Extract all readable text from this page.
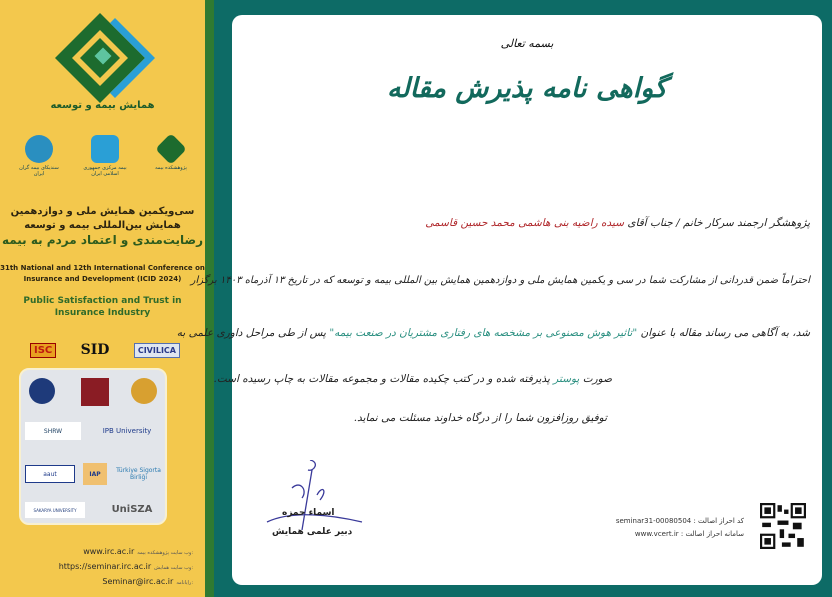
همایش بیمه و توسعه
سندیکای بیمه گران ایران
بیمه مرکزی جمهوری اسلامی ایران
پژوهشکده بیمه
سی‌ویکمین همایش ملی و دوازدهمین
همایش بین‌المللی بیمه و توسعه
رضایت‌مندی و اعتماد مردم به بیمه
31th National and 12th International Conference on Insurance and Development (ICID 2024)
Public Satisfaction and Trust in Insurance Industry
ISC SID	CIVILICA
SHRW	IPB University
aaut	IAP	Türkiye Sigorta Birliği
SAKARYA UNIVERSITY	UniSZA
www.irc.ac.ir وب سایت پژوهشکده بیمه:
https://seminar.irc.ac.ir وب سایت همایش:
Seminar@irc.ac.ir رایانامه:
بسمه تعالی
گواهی نامه پذیرش مقاله
پژوهشگر ارجمند سرکار خانم / جناب آقای سیده راضیه بنی هاشمی محمد حسین قاسمی
احتراماً ضمن قدردانی از مشارکت شما در سی و یکمین همایش ملی و دوازدهمین همایش بین المللی بیمه و توسعه که در تاریخ ۱۳ آذرماه ۱۴۰۳ برگزار
شد، به آگاهی می رساند مقاله با عنوان "تاثیر هوش مصنوعی بر مشخصه های رفتاری مشتریان در صنعت بیمه" پس از طی مراحل داوری علمی به
صورت پوستر پذیرفته شده و در کتب چکیده مقالات و مجموعه مقالات به چاپ رسیده است.
توفیق روزافزون شما را از درگاه خداوند مسئلت می نماید.
اسماء حمزه
دبیر علمی همایش
کد احراز اصالت : seminar31-00080504
سامانه احراز اصالت : www.vcert.ir
